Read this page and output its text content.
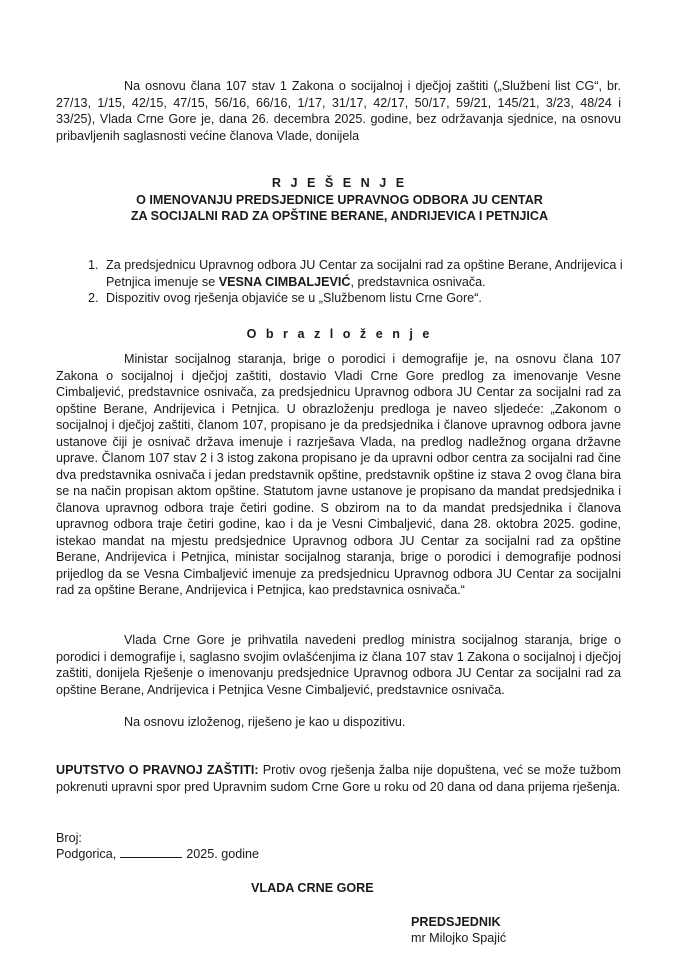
Na osnovu člana 107 stav 1 Zakona o socijalnoj i dječjoj zaštiti („Službeni list CG“, br. 27/13, 1/15, 42/15, 47/15, 56/16, 66/16, 1/17, 31/17, 42/17, 50/17, 59/21, 145/21, 3/23, 48/24 i 33/25), Vlada Crne Gore je, dana 26. decembra 2025. godine, bez održavanja sjednice, na osnovu pribavljenih saglasnosti većine članova Vlade, donijela

R J E Š E N J E
O IMENOVANJU PREDSJEDNICE UPRAVNOG ODBORA JU CENTAR
ZA SOCIJALNI RAD ZA OPŠTINE BERANE, ANDRIJEVICA I PETNJICA
1. Za predsjednicu Upravnog odbora JU Centar za socijalni rad za opštine Berane, Andrijevica i Petnjica imenuje se VESNA CIMBALJEVIĆ, predstavnica osnivača.
2. Dispozitiv ovog rješenja objaviće se u „Službenom listu Crne Gore“.
O b r a z l o ž e n j e

Ministar socijalnog staranja, brige o porodici i demografije je, na osnovu člana 107 Zakona o socijalnoj i dječjoj zaštiti, dostavio Vladi Crne Gore predlog za imenovanje Vesne Cimbaljević, predstavnice osnivača, za predsjednicu Upravnog odbora JU Centar za socijalni rad za opštine Berane, Andrijevica i Petnjica. U obrazloženju predloga je naveo sljedeće: „Zakonom o socijalnoj i dječjoj zaštiti, članom 107, propisano je da predsjednika i članove upravnog odbora javne ustanove čiji je osnivač država imenuje i razrješava Vlada, na predlog nadležnog organa državne uprave. Članom 107 stav 2 i 3 istog zakona propisano je da upravni odbor centra za socijalni rad čine dva predstavnika osnivača i jedan predstavnik opštine, predstavnik opštine iz stava 2 ovog člana bira se na način propisan aktom opštine. Statutom javne ustanove je propisano da mandat predsjednika i članova upravnog odbora traje četiri godine. S obzirom na to da mandat predsjednika i članova upravnog odbora traje četiri godine, kao i da je Vesni Cimbaljević, dana 28. oktobra 2025. godine, istekao mandat na mjestu predsjednice Upravnog odbora JU Centar za socijalni rad za opštine Berane, Andrijevica i Petnjica, ministar socijalnog staranja, brige o porodici i demografije podnosi prijedlog da se Vesna Cimbaljević imenuje za predsjednicu Upravnog odbora JU Centar za socijalni rad za opštine Berane, Andrijevica i Petnjica, kao predstavnica osnivača.“

Vlada Crne Gore je prihvatila navedeni predlog ministra socijalnog staranja, brige o porodici i demografije i, saglasno svojim ovlašćenjima iz člana 107 stav 1 Zakona o socijalnoj i dječjoj zaštiti, donijela Rješenje o imenovanju predsjednice Upravnog odbora JU Centar za socijalni rad za opštine Berane, Andrijevica i Petnjica Vesne Cimbaljević, predstavnice osnivača.

Na osnovu izloženog, riješeno je kao u dispozitivu.

UPUTSTVO O PRAVNOJ ZAŠTITI: Protiv ovog rješenja žalba nije dopuštena, već se može tužbom pokrenuti upravni spor pred Upravnim sudom Crne Gore u roku od 20 dana od dana prijema rješenja.

Broj:
Podgorica,	2025. godine
VLADA CRNE GORE
PREDSJEDNIK
mr Milojko Spajić
